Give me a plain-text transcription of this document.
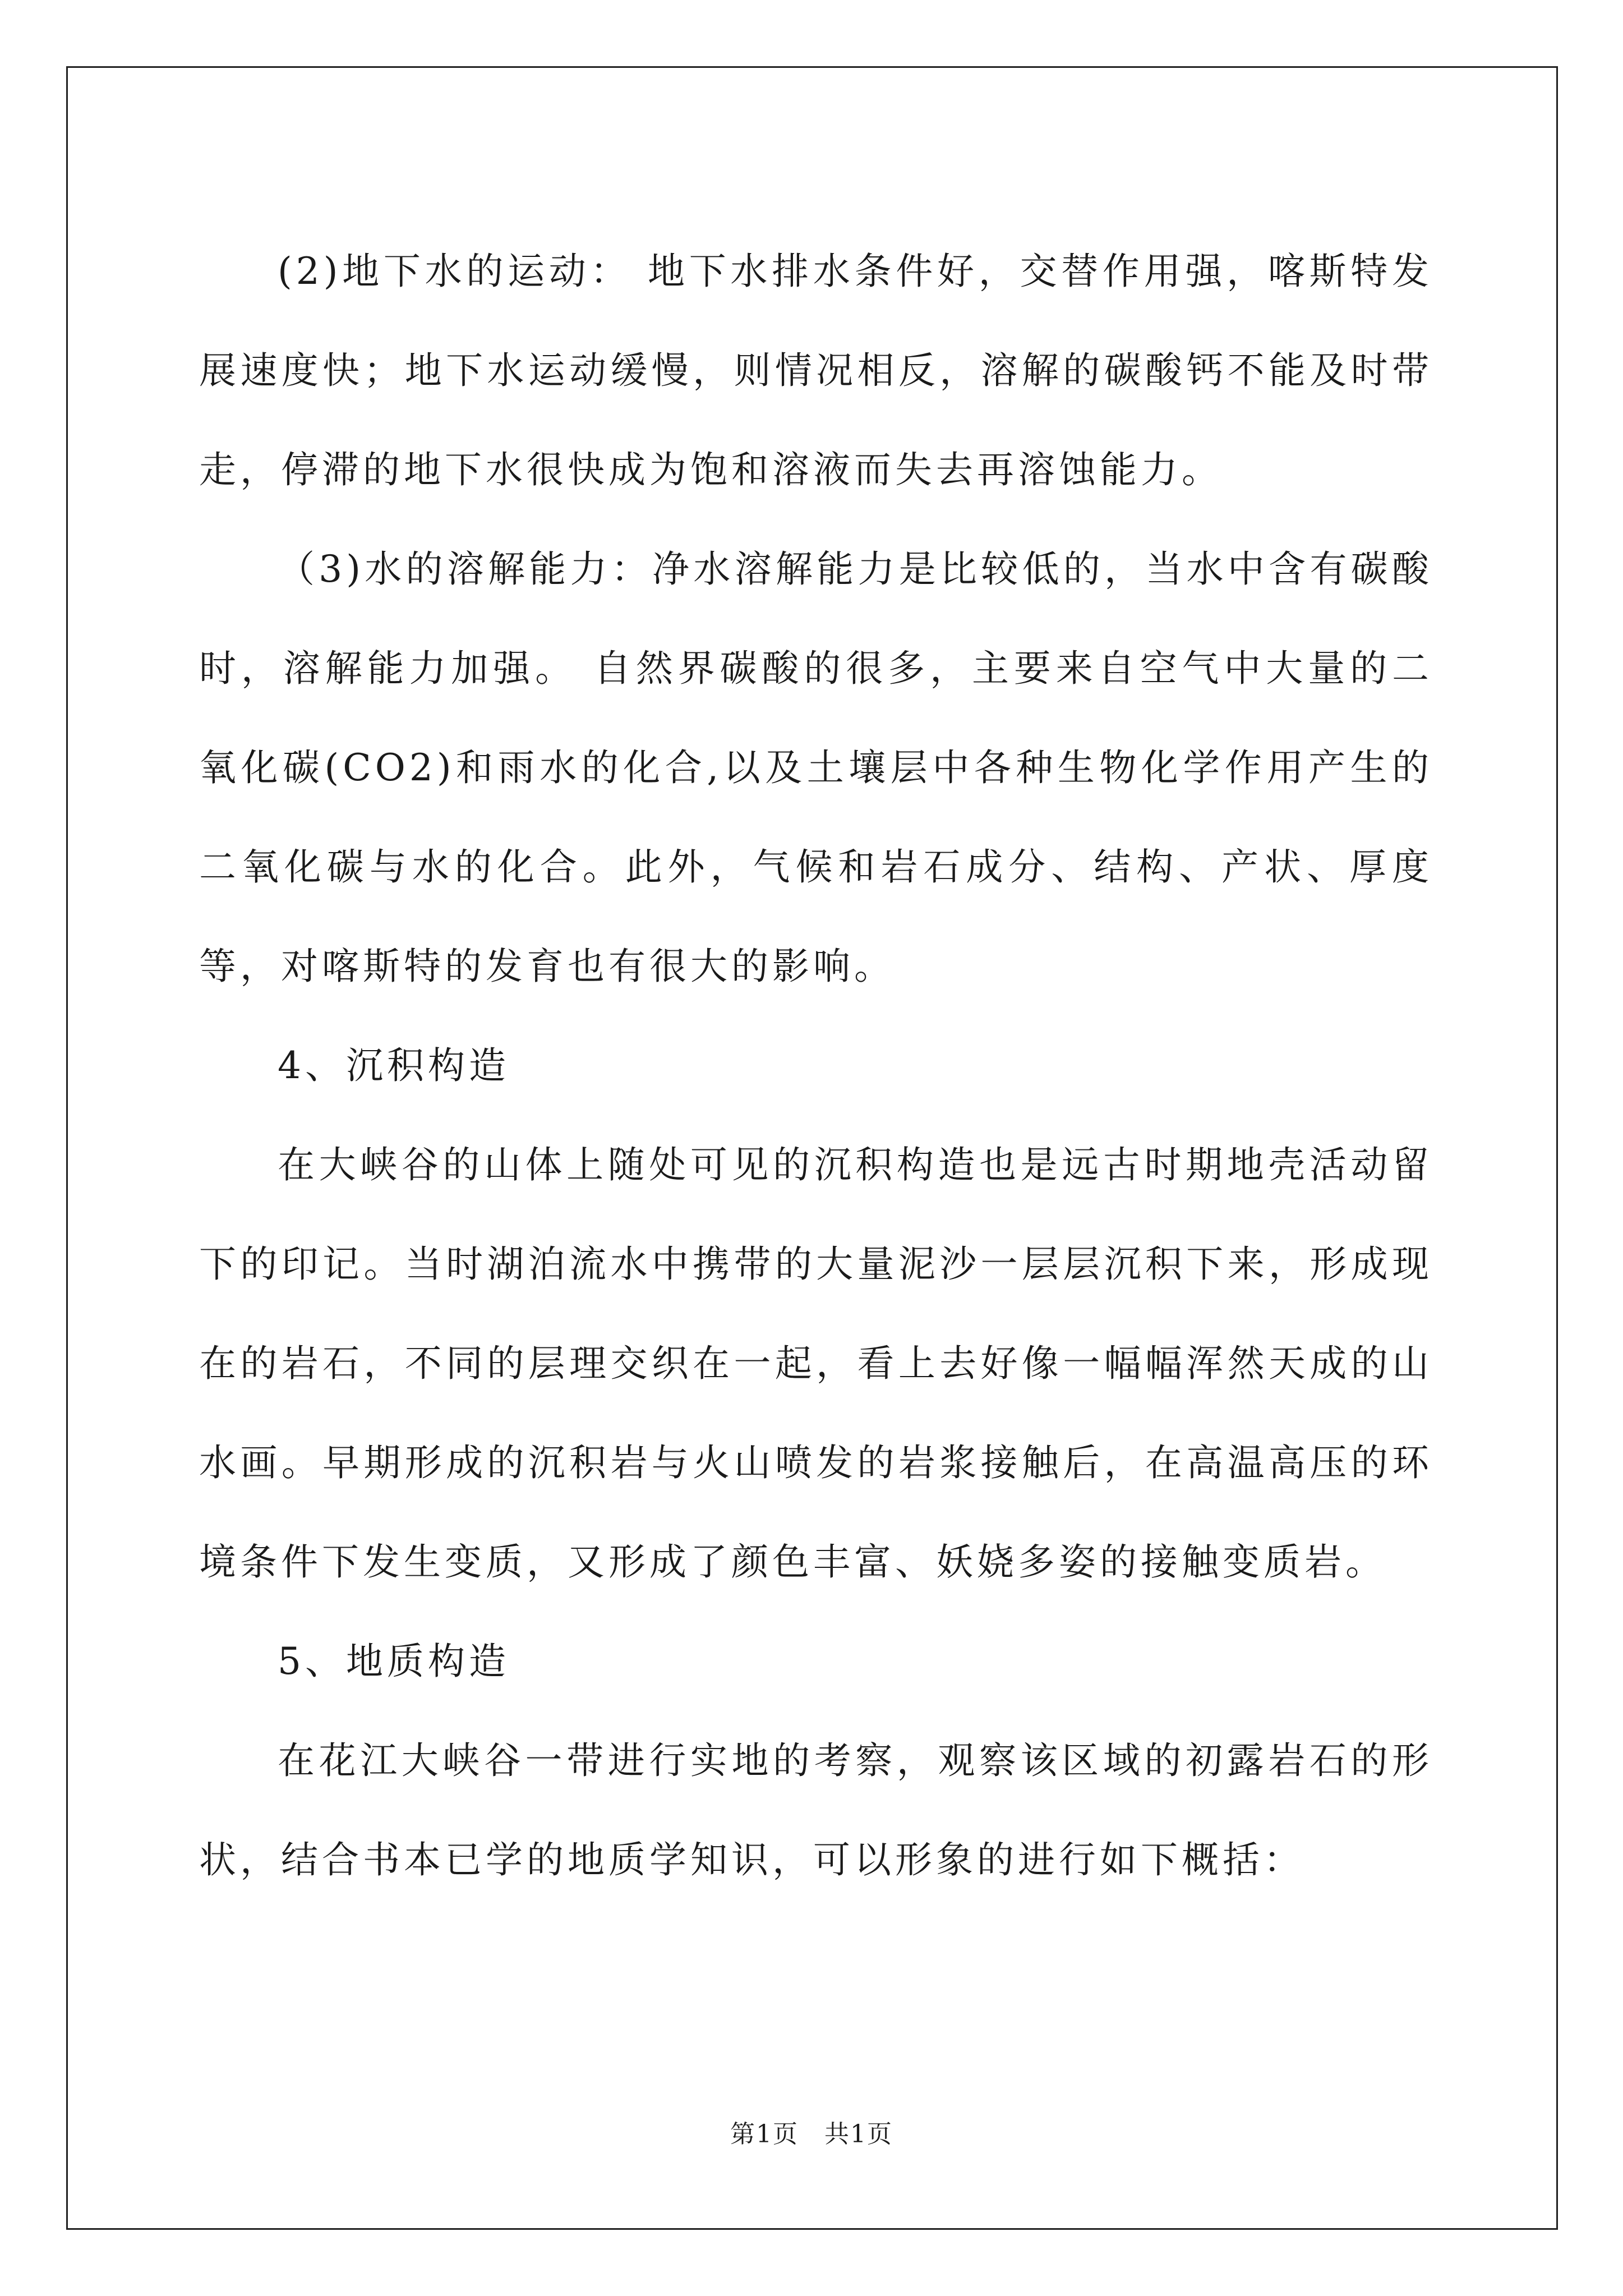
(2)地下水的运动： 地下水排水条件好，交替作用强，喀斯特发展速度快；地下水运动缓慢，则情况相反，溶解的碳酸钙不能及时带走，停滞的地下水很快成为饱和溶液而失去再溶蚀能力。

（3)水的溶解能力：净水溶解能力是比较低的，当水中含有碳酸时，溶解能力加强。 自然界碳酸的很多，主要来自空气中大量的二氧化碳(CO2)和雨水的化合,以及土壤层中各种生物化学作用产生的二氧化碳与水的化合。此外，气候和岩石成分、结构、产状、厚度等，对喀斯特的发育也有很大的影响。

4、沉积构造

在大峡谷的山体上随处可见的沉积构造也是远古时期地壳活动留下的印记。当时湖泊流水中携带的大量泥沙一层层沉积下来，形成现在的岩石，不同的层理交织在一起，看上去好像一幅幅浑然天成的山水画。早期形成的沉积岩与火山喷发的岩浆接触后，在高温高压的环境条件下发生变质，又形成了颜色丰富、妖娆多姿的接触变质岩。

5、地质构造

在花江大峡谷一带进行实地的考察，观察该区域的初露岩石的形状，结合书本已学的地质学知识，可以形象的进行如下概括：

第1页　共1页
